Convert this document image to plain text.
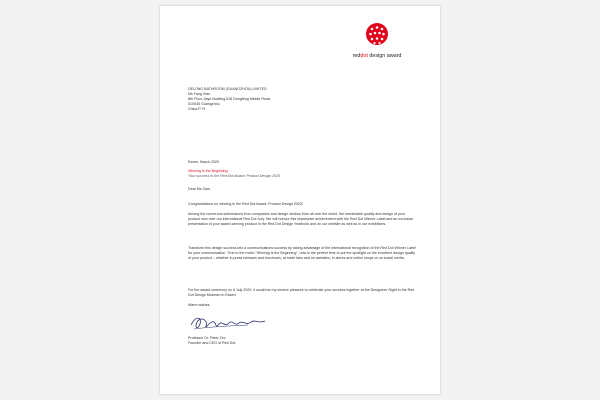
reddot design award
DELONG BATHROOM (GUANGZHOU) LIMITED
Ms Fang Xian
8th Floor,Jiaye Building,518 Dongfeng Middle Road,
510045 Guangzhou
China P. R.
Essen, March 2020
Winning is the Beginning
Your success in the Red Dot Award: Product Design 2020
Dear Ms Xian,
Congratulations on winning in the Red Dot Award: Product Design 2020!
Among the numerous submissions from companies and design studios from all over the world, the remarkable quality and design of your product won over our international Red Dot Jury. We will honour this impressive achievement with the Red Dot Winner Label and an exclusive presentation of your award-winning product in the Red Dot Design Yearbook and on our website as well as in our exhibitions.
Transform this design success into a communications success by taking advantage of the international recognition of the Red Dot Winner Label for your communication. True to the motto "Winning is the Beginning", now is the perfect time to put the spotlight on the excellent design quality of your product – whether in press releases and brochures, at trade fairs and on websites, in stores and online shops or on social media.
For the award ceremony on 8 July 2020, it would be my sincere pleasure to celebrate your success together at the Designers' Night in the Red Dot Design Museum in Essen!
Warm wishes,
Professor Dr. Peter Zec
Founder and CEO of Red Dot
